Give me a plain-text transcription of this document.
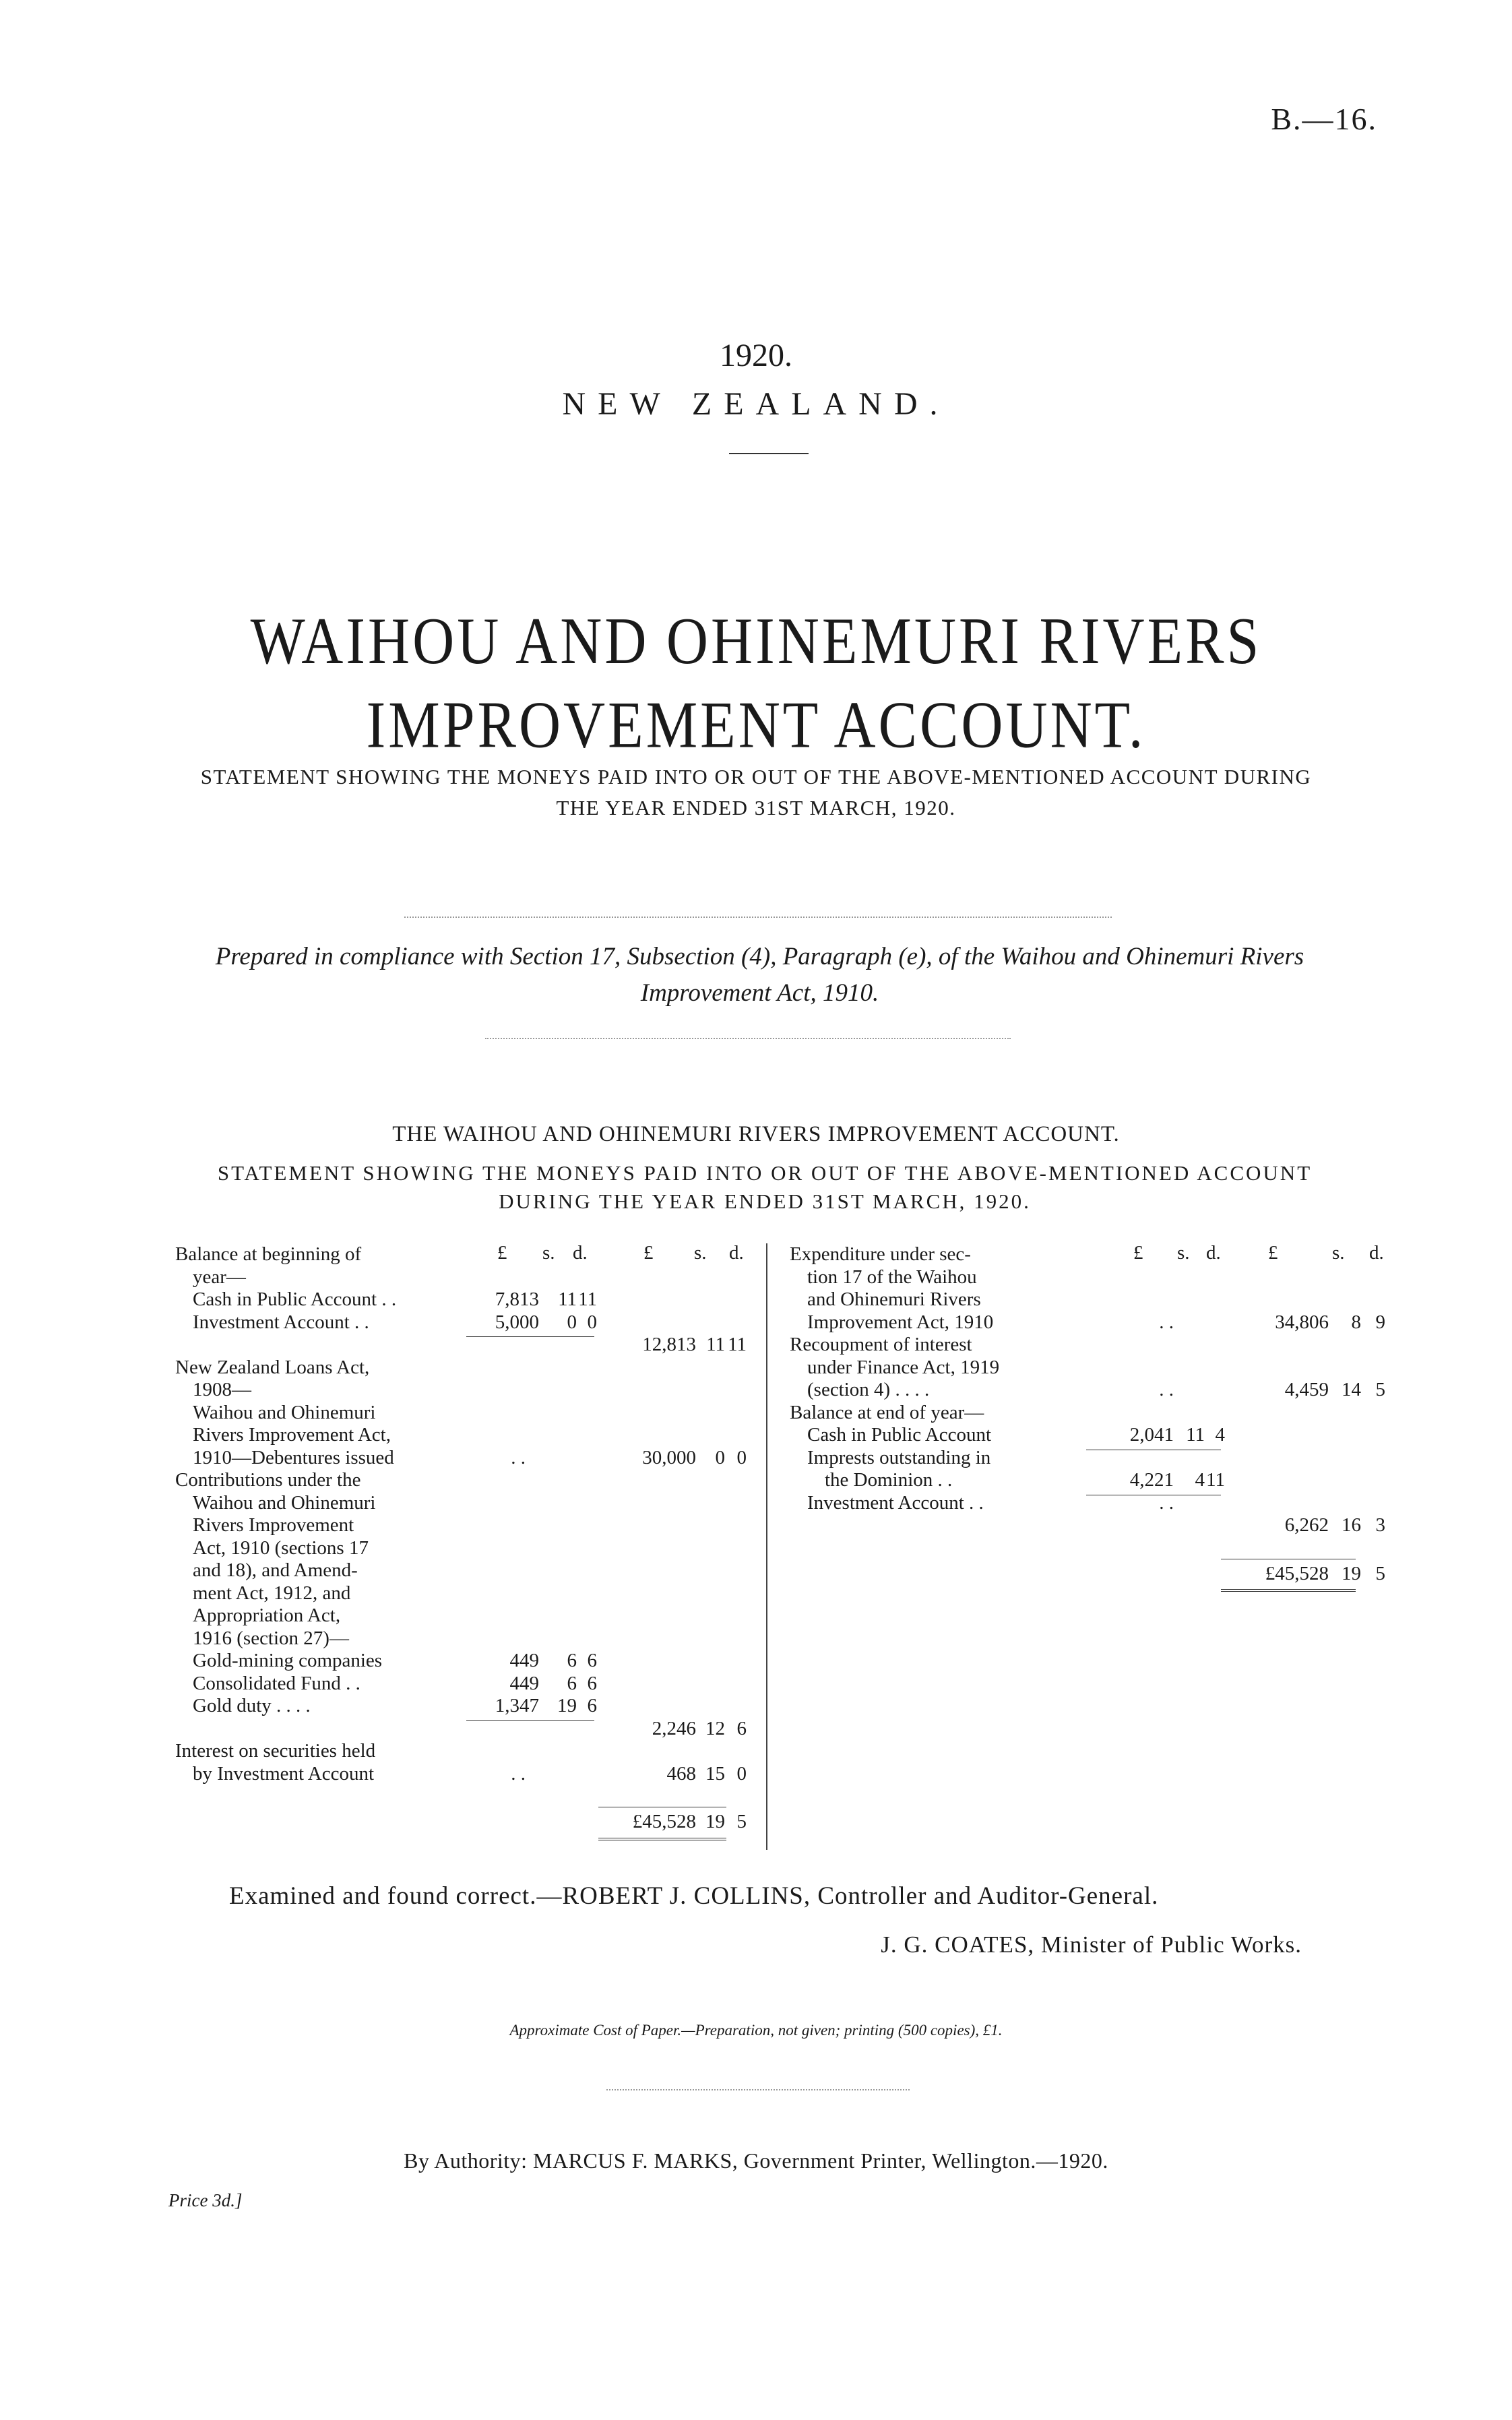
B.—16.
1920.
NEW ZEALAND.
WAIHOU AND OHINEMURI RIVERS IMPROVEMENT ACCOUNT.
STATEMENT SHOWING THE MONEYS PAID INTO OR OUT OF THE ABOVE-MENTIONED ACCOUNT DURING THE YEAR ENDED 31ST MARCH, 1920.
Prepared in compliance with Section 17, Subsection (4), Paragraph (e), of the Waihou and Ohinemuri Rivers Improvement Act, 1910.
THE WAIHOU AND OHINEMURI RIVERS IMPROVEMENT ACCOUNT.
STATEMENT SHOWING THE MONEYS PAID INTO OR OUT OF THE ABOVE-MENTIONED ACCOUNT DURING THE YEAR ENDED 31ST MARCH, 1920.
£ s. d.	£ s. d.
Balance at beginning of
year—
Cash in Public Account . .	7,813 11 11
Investment Account . .	5,000	0 0
12,813 11 11
New Zealand Loans Act,
1908—
Waihou and Ohinemuri
Rivers Improvement Act,
1910—Debentures issued	. .	30,000 0 0
Contributions under the
Waihou and Ohinemuri
Rivers Improvement
Act, 1910 (sections 17
and 18), and Amend-
ment Act, 1912, and
Appropriation Act,
1916 (section 27)—
Gold-mining companies	449	6 6
Consolidated Fund . .	449	6 6
Gold duty . . . .	1,347 19 6
2,246 12 6
Interest on securities held
by Investment Account	. .	468 15 0
£45,528 19 5
£ s. d. £	s. d.
Expenditure under sec-
tion 17 of the Waihou
and Ohinemuri Rivers
Improvement Act, 1910	. .	34,806	8 9
Recoupment of interest
under Finance Act, 1919
(section 4) . . . .	. .	4,459 14 5
Balance at end of year—
Cash in Public Account	2,041 11 4
Imprests outstanding in
the Dominion . .	4,221	4 11
Investment Account . .	. .
6,262 16 3
£45,528 19 5
Examined and found correct.—ROBERT J. COLLINS, Controller and Auditor-General.
J. G. COATES, Minister of Public Works.
Approximate Cost of Paper.—Preparation, not given; printing (500 copies), £1.
By Authority: MARCUS F. MARKS, Government Printer, Wellington.—1920.
Price 3d.]
